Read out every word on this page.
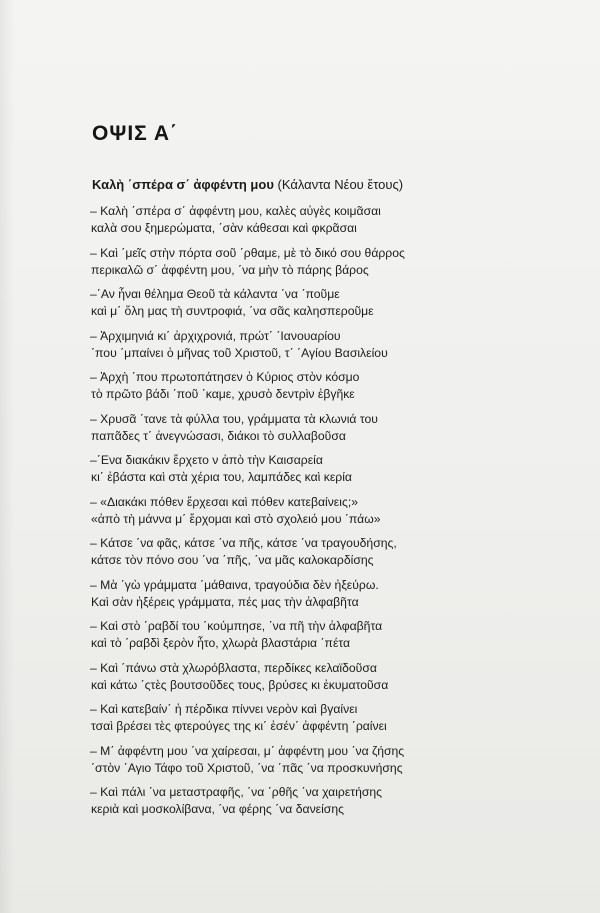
ΟΨΙΣ Α΄
Καλὴ ΄σπέρα σ΄ ἀφφέντη μου (Κάλαντα Νέου ἔτους)
– Καλὴ ΄σπέρα σ΄ ἀφφέντη μου, καλὲς αὐγὲς κοιμᾶσαι
καλὰ σου ξημερώματα, ΄σὰν κάθεσαι καὶ φκρᾶσαι
– Καὶ ΄μεῖς στὴν πόρτα σοῦ ΄ρθαμε, μὲ τὸ δικό σου θάρρος
περικαλῶ σ΄ ἀφφέντη μου, ΄να μὴν τὸ πάρης βάρος
–΄Αν ἦναι θέλημα Θεοῦ τὰ κάλαντα ΄να ΄ποῦμε
καὶ μ΄ ὅλη μας τὴ συντροφιά, ΄να σᾶς καλησπεροῦμε
– Ἀρχιμηνιά κι΄ ἀρχιχρονιά, πρώτ΄ ΄Ιανουαρίου
΄που ΄μπαίνει ὁ μῆνας τοῦ Χριστοῦ, τ΄ ΄Αγίου Βασιλείου
– Ἀρχὴ ΄που πρωτοπάτησεν ὁ Κύριος στὸν κόσμο
τὸ πρῶτο βάδι ΄ποῦ ΄καμε, χρυσὸ δεντρὶν ἐβγῆκε
– Χρυσᾶ ΄τανε τὰ φύλλα του, γράμματα τὰ κλωνιά του
παπᾶδες τ΄ ἀνεγνώσασι, διάκοι τὸ συλλαβοῦσα
–΄Ενα διακάκιν ἔρχετο ν ἀπὸ τὴν Καισαρεία
κι΄ ἐβάστα καὶ στὰ χέρια του, λαμπάδες καὶ κερία
– «Διακάκι πόθεν ἔρχεσαι καὶ πόθεν κατεβαίνεις;»
«ἀπὸ τὴ μάννα μ΄ ἔρχομαι καὶ στὸ σχολειό μου ΄πάω»
– Κάτσε ΄να φᾶς, κάτσε ΄να πῆς, κάτσε ΄να τραγουδήσης,
κάτσε τὸν πόνο σου ΄να ΄πῆς, ΄να μᾶς καλοκαρδίσης
– Μὰ ΄γὼ γράμματα ΄μάθαινα, τραγούδια δὲν ἠξεύρω.
Καὶ σὰν ἠξέρεις γράμματα, πές μας τὴν ἀλφαβῆτα
– Καὶ στὸ ΄ραβδί του ΄κούμπησε, ΄να πῆ τὴν ἀλφαβῆτα
καὶ τὸ ΄ραβδὶ ξερὸν ἦτο, χλωρὰ βλαστάρια ΄πέτα
– Καὶ ΄πάνω στὰ χλωρόβλαστα, περδίκες κελαϊδοῦσα
καὶ κάτω ΄ςτὲς βουτσοῦδες τους, βρύσες κι ἐκυματοῦσα
– Καὶ κατεβαίν΄ ἡ πέρδικα πίννει νερὸν καὶ βγαίνει
τσαὶ βρέσει τὲς φτερούγες της κι΄ ἐσέν΄ ἀφφέντη ΄ραίνει
– Μ΄ ἀφφέντη μου ΄να χαίρεσαι, μ΄ ἀφφέντη μου ΄να ζήσης
΄στὸν ΄Αγιο Τάφο τοῦ Χριστοῦ, ΄να ΄πᾶς ΄να προσκυνήσης
– Καὶ πάλι ΄να μεταστραφῆς, ΄να ΄ρθῆς ΄να χαιρετήσης
κεριὰ καὶ μοσκολίβανα, ΄να φέρης ΄να δανείσης
